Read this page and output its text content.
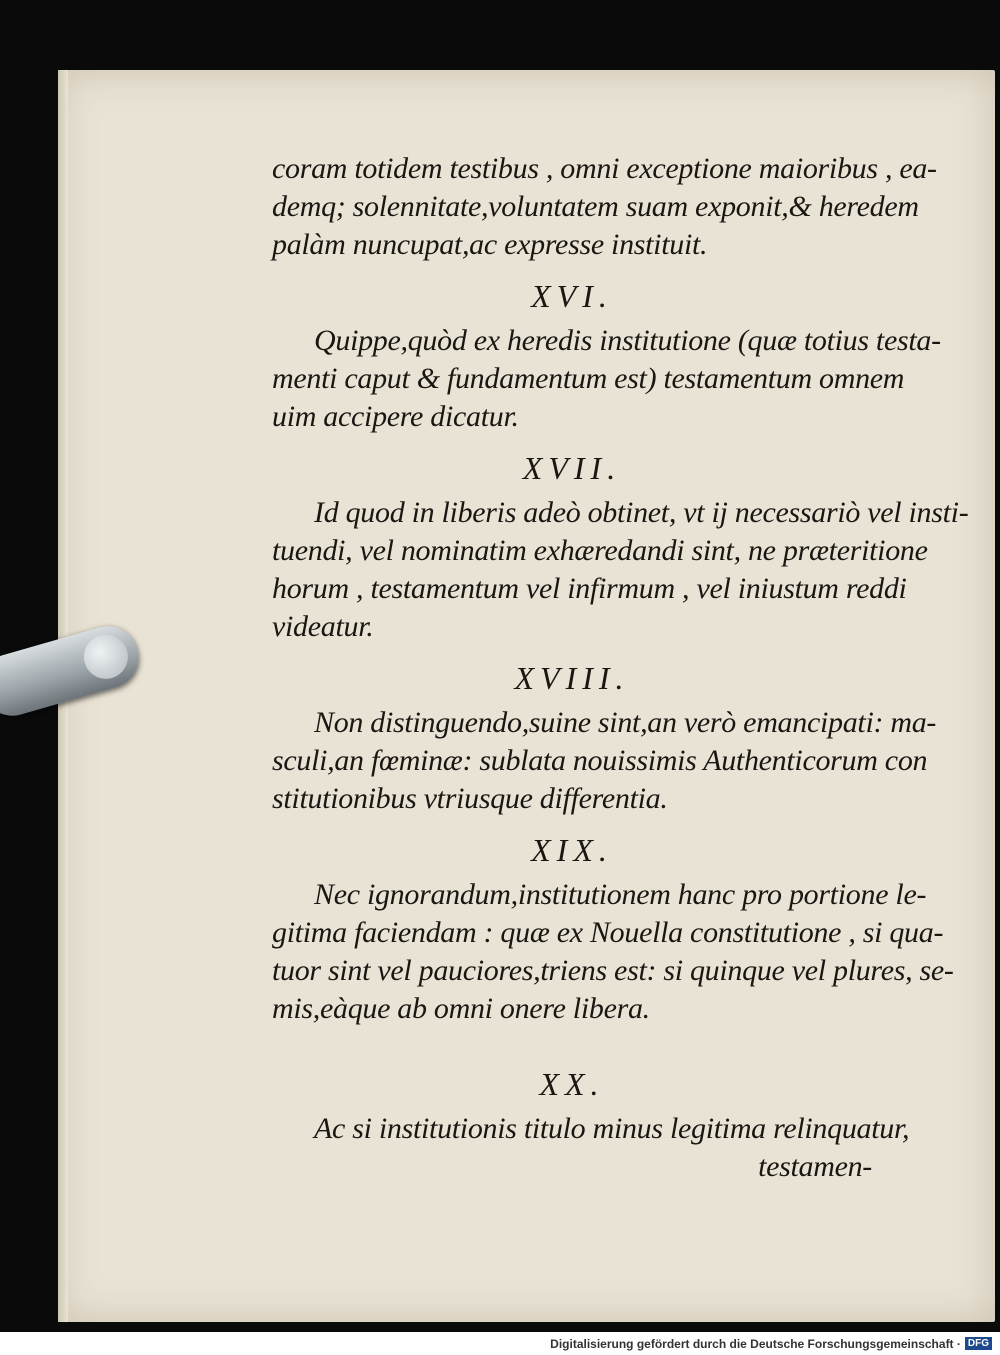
coram totidem testibus , omni exceptione maioribus , ea-
demq; solennitate,voluntatem suam exponit,& heredem
palàm nuncupat,ac expresse instituit.
XVI.
Quippe,quòd ex heredis institutione (quæ totius testa-
menti caput & fundamentum est) testamentum omnem
uim accipere dicatur.
XVII.
Id quod in liberis adeò obtinet, vt ij necessariò vel insti-
tuendi, vel nominatim exhæredandi sint, ne præteritione
horum , testamentum vel infirmum , vel iniustum reddi
videatur.
XVIII.
Non distinguendo,suine sint,an verò emancipati: ma-
sculi,an fœminæ: sublata nouissimis Authenticorum con
stitutionibus vtriusque differentia.
XIX.
Nec ignorandum,institutionem hanc pro portione le-
gitima faciendam : quæ ex Nouella constitutione , si qua-
tuor sint vel pauciores,triens est: si quinque vel plures, se-
mis,eàque ab omni onere libera.
XX.
Ac si institutionis titulo minus legitima relinquatur,
testamen-
Digitalisierung gefördert durch die Deutsche Forschungsgemeinschaft · DFG
